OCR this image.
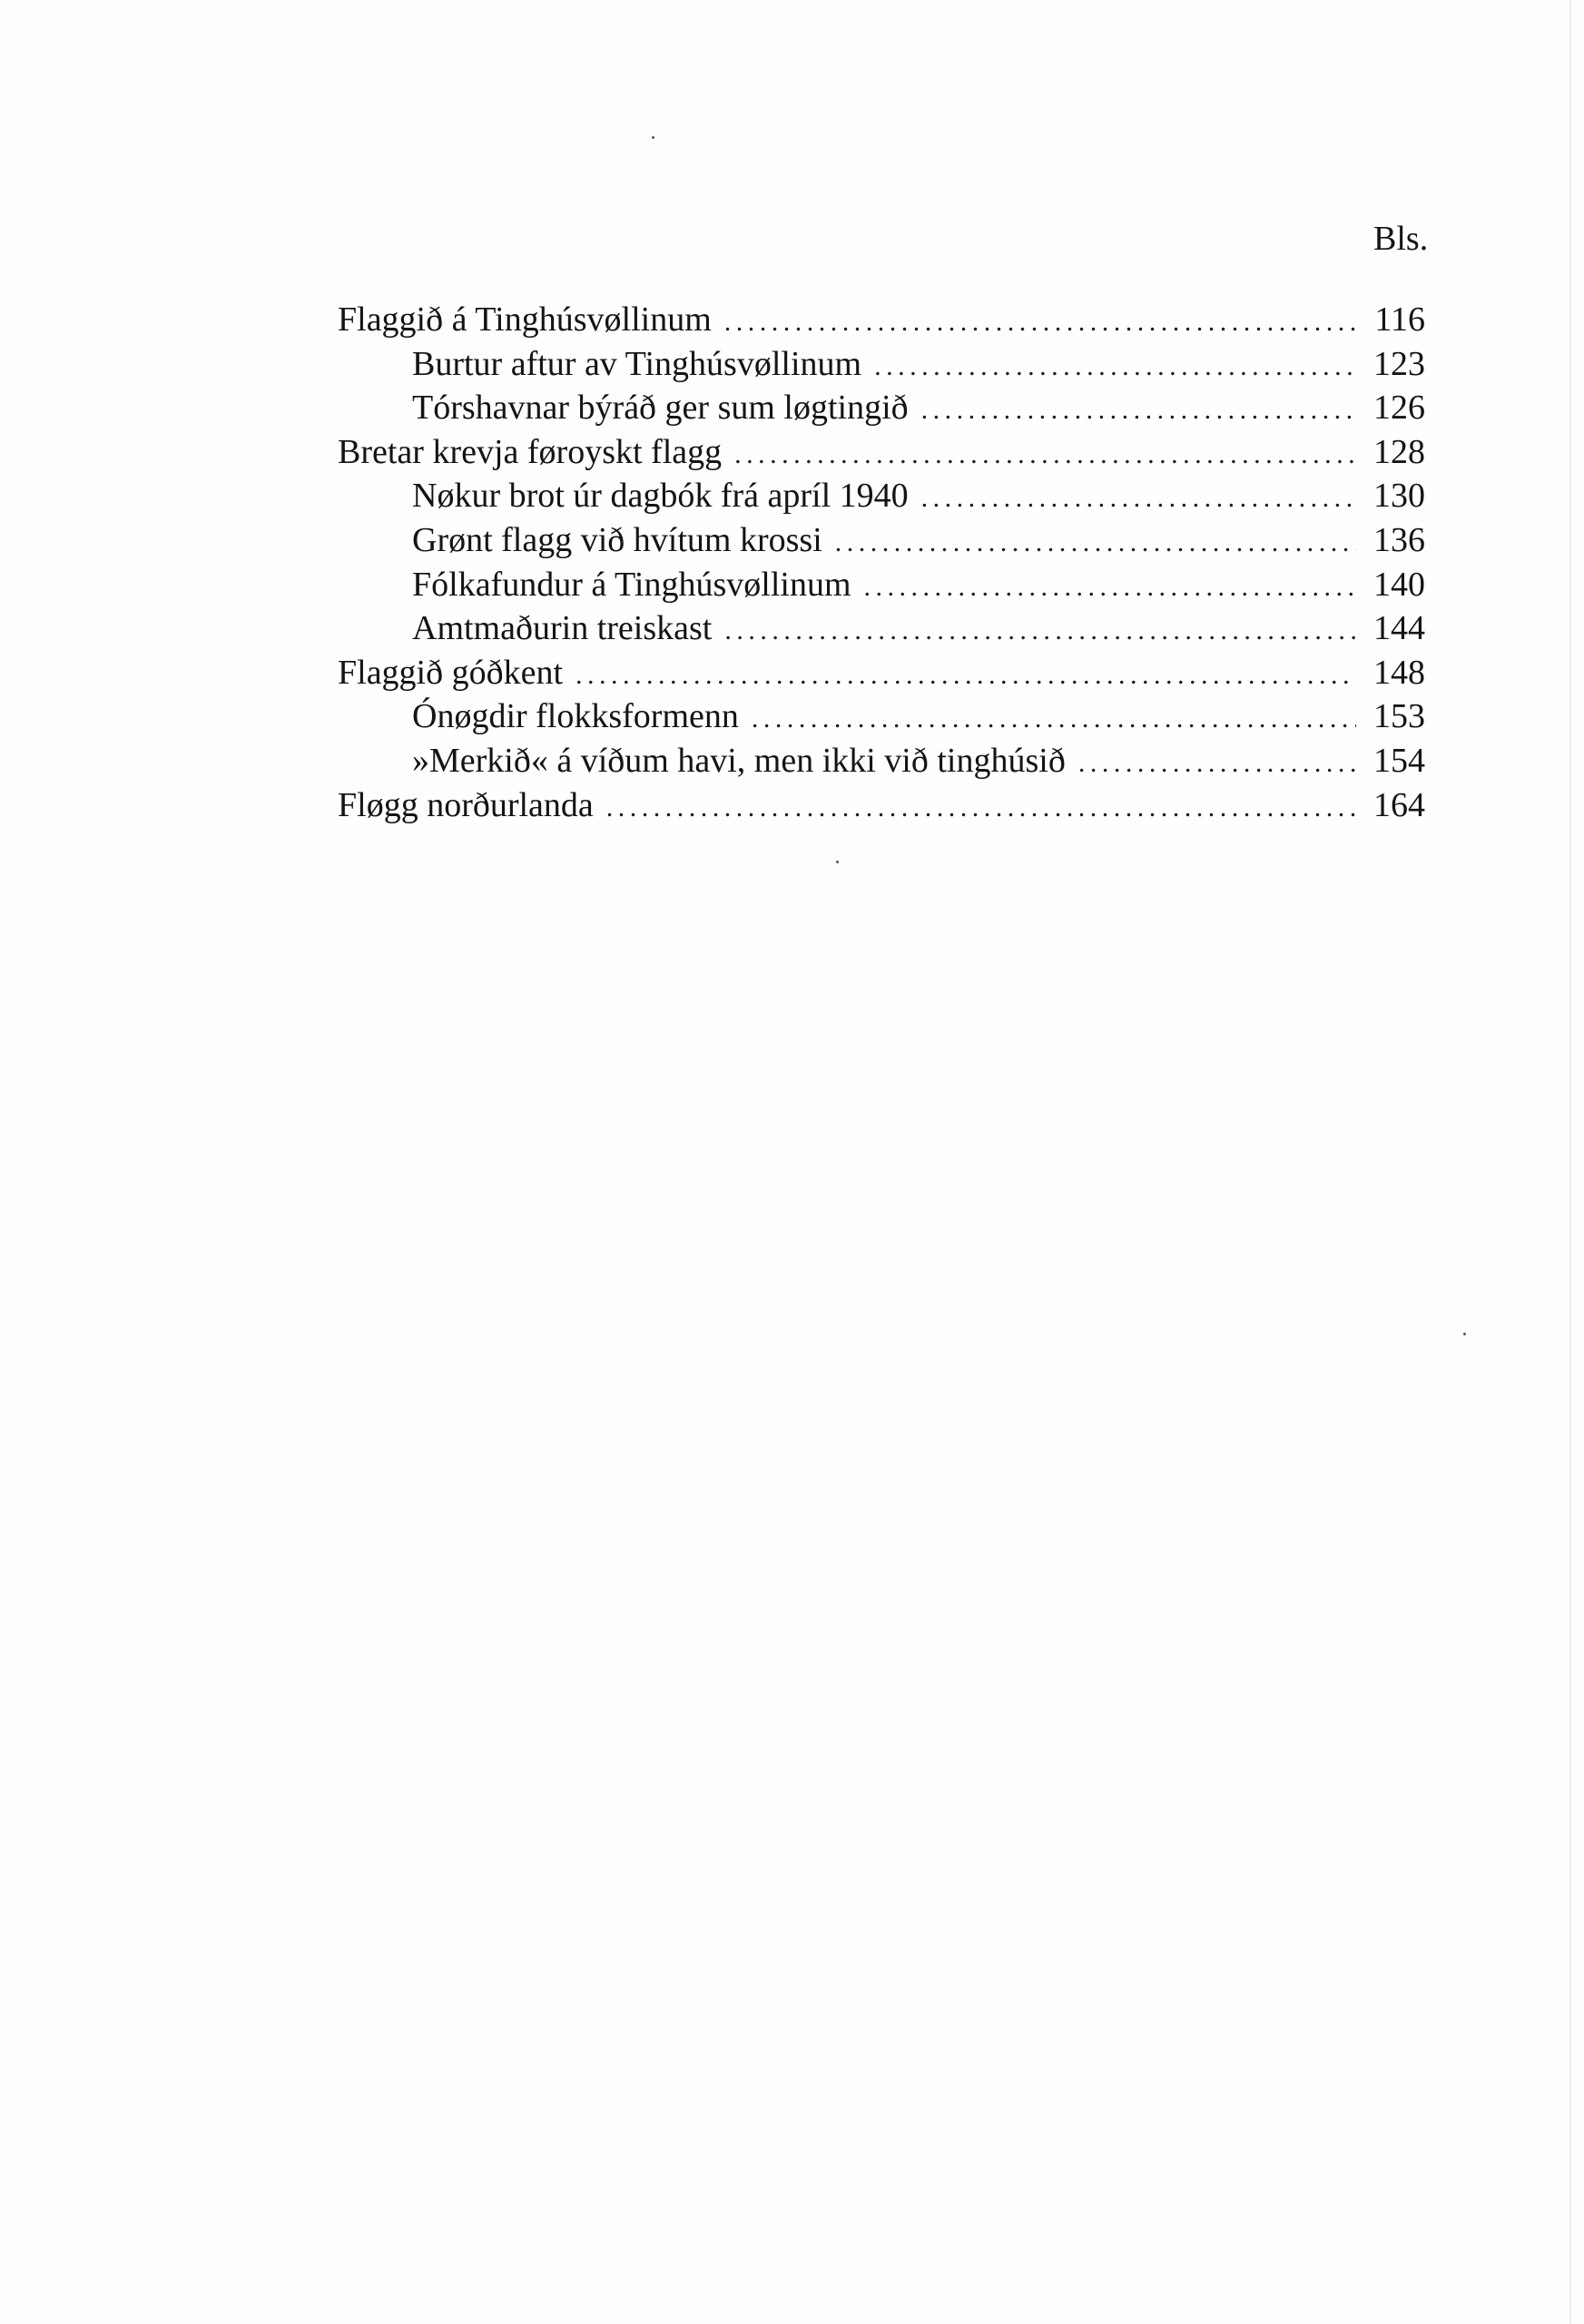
Bls.
Flaggið á Tinghúsvøllinum . . .	116
Burtur aftur av Tinghúsvøllinum . . .	123
Tórshavnar býráð ger sum løgtingið . . .	126
Bretar krevja føroyskt flagg . . .	128
Nøkur brot úr dagbók frá apríl 1940 . . .	130
Grønt flagg við hvítum krossi . . .	136
Fólkafundur á Tinghúsvøllinum . . .	140
Amtmaðurin treiskast . . .	144
Flaggið góðkent . . .	148
Ónøgdir flokksformenn . . .	153
»Merkið« á víðum havi, men ikki við tinghúsið . . .	154
Fløgg norðurlanda . . .	164
